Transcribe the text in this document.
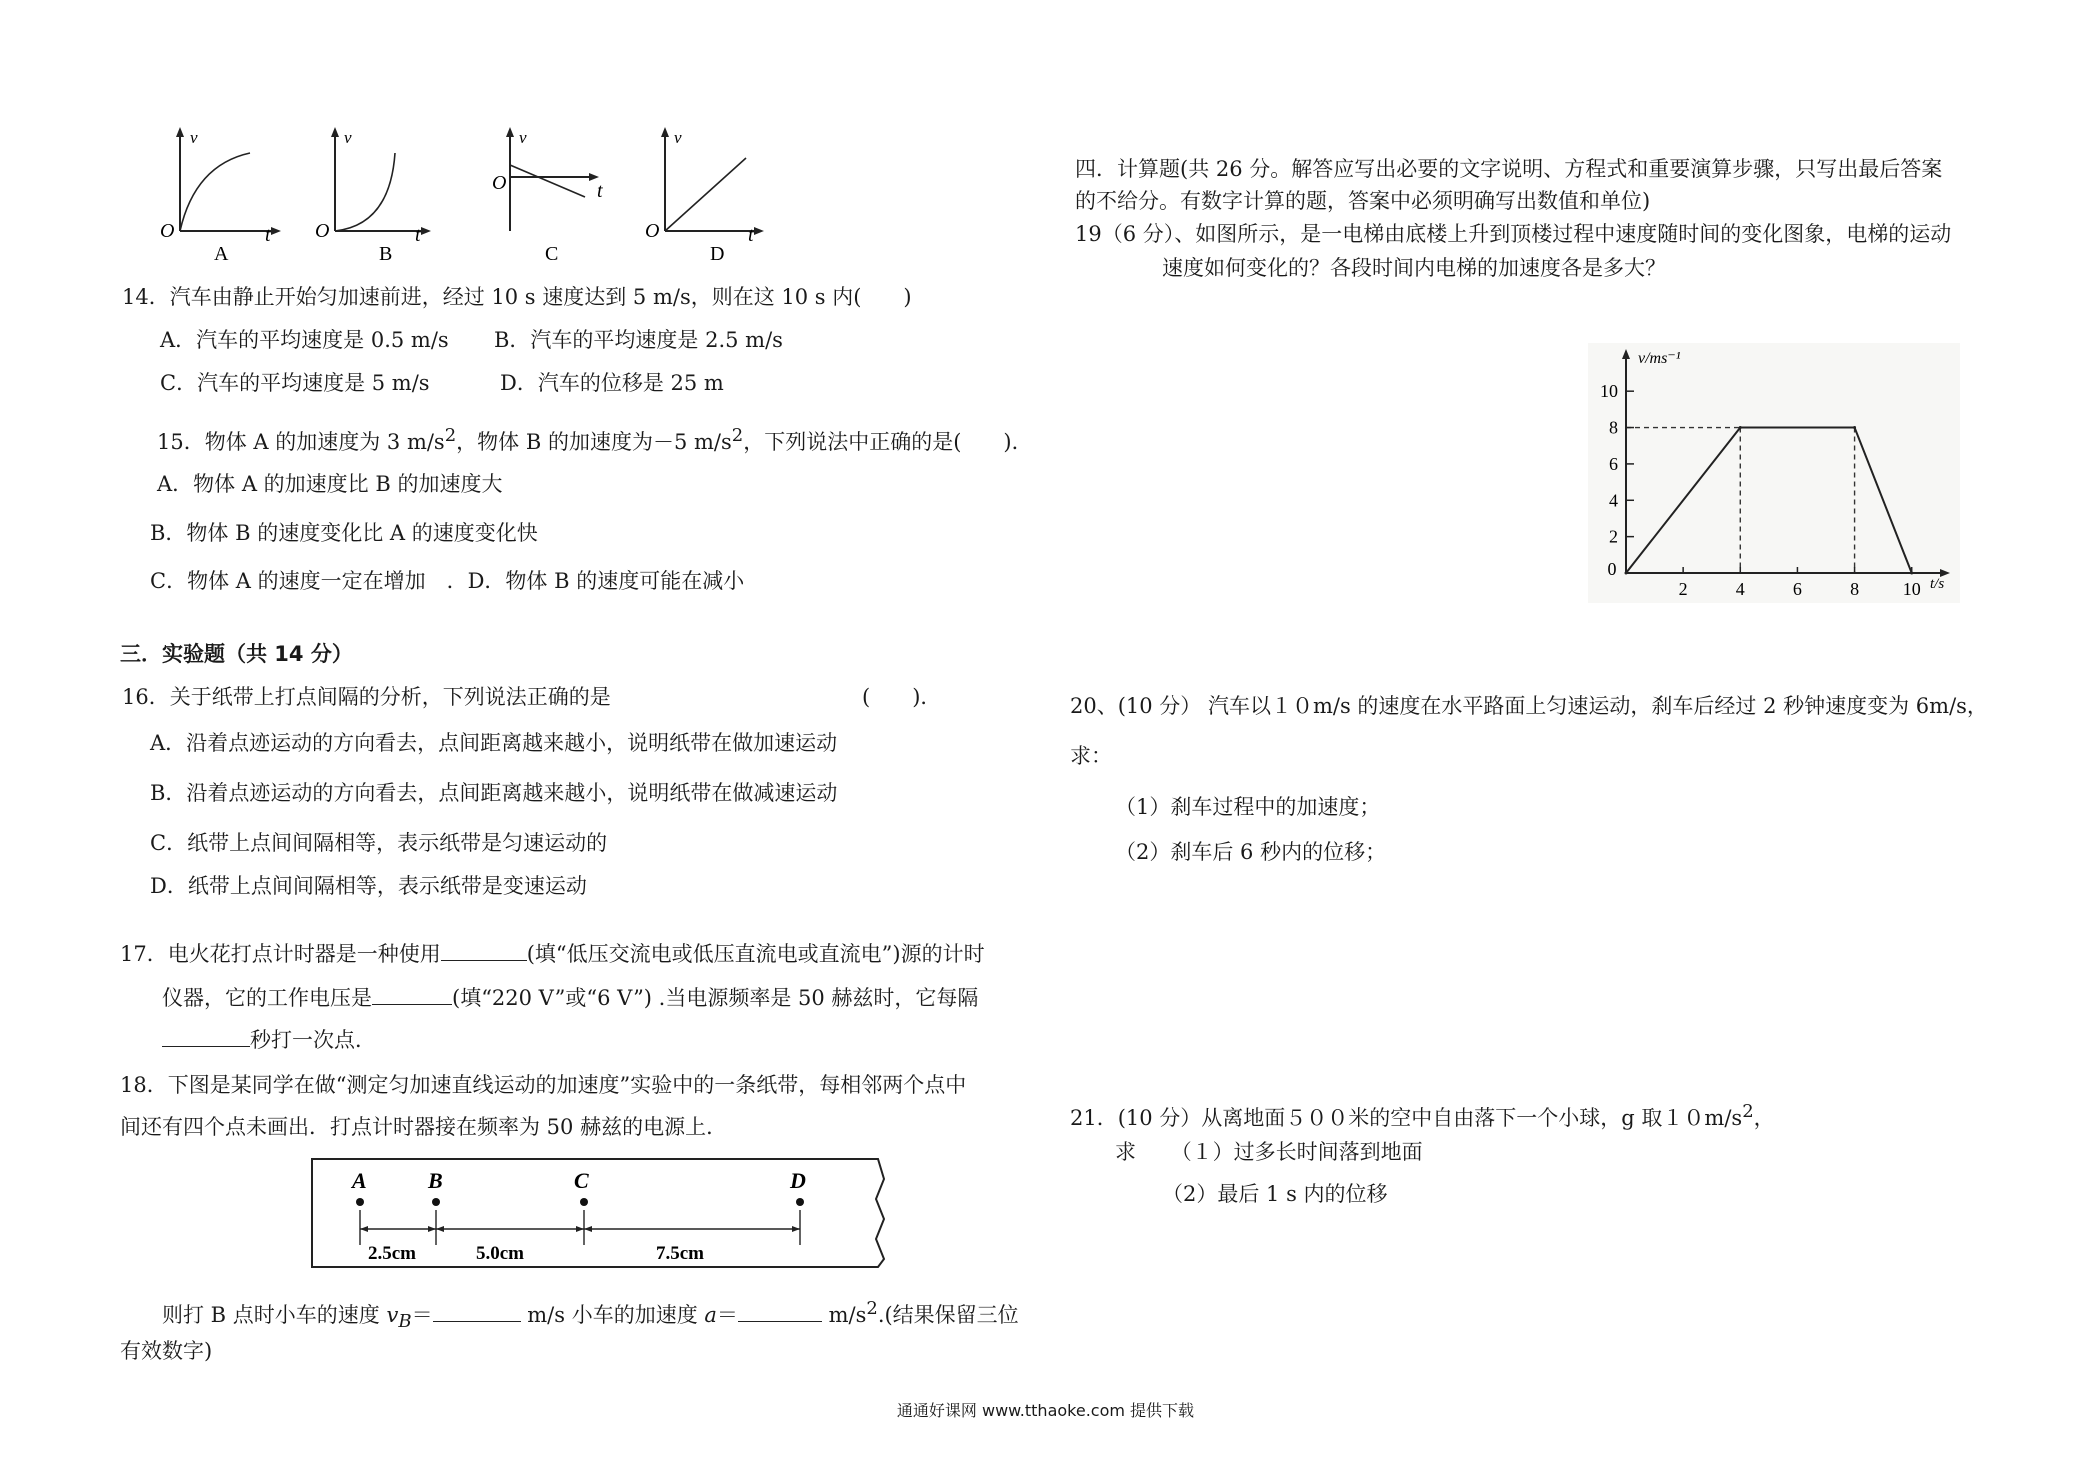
v
O	t
A
v
O	t
B
v
O	t
C
v
O	t
D
14．汽车由静止开始匀加速前进，经过 10 s 速度达到 5 m/s，则在这 10 s 内(　　)
A．汽车的平均速度是 0.5 m/s B．汽车的平均速度是 2.5 m/s
C．汽车的平均速度是 5 m/s	D．汽车的位移是 25 m
15．物体 A 的加速度为 3 $m/s^2$，物体 B 的加速度为－5 $m/s^2$，下列说法中正确的是(　　)．
A．物体 A 的加速度比 B 的加速度大
B．物体 B 的速度变化比 A 的速度变化快
C．物体 A 的速度一定在增加　．D．物体 B 的速度可能在减小
三．实验题（共 14 分）
16．关于纸带上打点间隔的分析，下列说法正确的是	(　　)．
A．沿着点迹运动的方向看去，点间距离越来越小，说明纸带在做加速运动
B．沿着点迹运动的方向看去，点间距离越来越小，说明纸带在做减速运动
C．纸带上点间间隔相等，表示纸带是匀速运动的
D．纸带上点间间隔相等，表示纸带是变速运动
17．电火花打点计时器是一种使用	(填“低压交流电或低压直流电或直流电”)源的计时
仪器，它的工作电压是	(填“220 V”或“6 V”) .当电源频率是 50 赫兹时，它每隔
秒打一次点．
18．下图是某同学在做“测定匀加速直线运动的加速度”实验中的一条纸带，每相邻两个点中
间还有四个点未画出．打点计时器接在频率为 50 赫兹的电源上．
A	B	C	D
2.5cm	5.0cm	7.5cm
则打 B 点时小车的速度 $v_B=$	m/s 小车的加速度 a＝	$m/s^2$.(结果保留三位
有效数字)
四．计算题(共 26 分。解答应写出必要的文字说明、方程式和重要演算步骤，只写出最后答案
的不给分。有数字计算的题，答案中必须明确写出数值和单位)
19（6 分）、如图所示，是一电梯由底楼上升到顶楼过程中速度随时间的变化图象，电梯的运动
速度如何变化的？各段时间内电梯的加速度各是多大？
2
4
6
8
10
0
2	4	6	8 10
v/ms⁻¹
t/s
20、(10 分） 汽车以１０m/s 的速度在水平路面上匀速运动，刹车后经过 2 秒钟速度变为 6m/s，
求：
（1）刹车过程中的加速度；
（2）刹车后 6 秒内的位移；
21．(10 分）从离地面５００米的空中自由落下一个小球，g 取$10m/s^2$，
求 （１）过多长时间落到地面
（2）最后 1 s 内的位移
通通好课网 www.tthaoke.com 提供下载
